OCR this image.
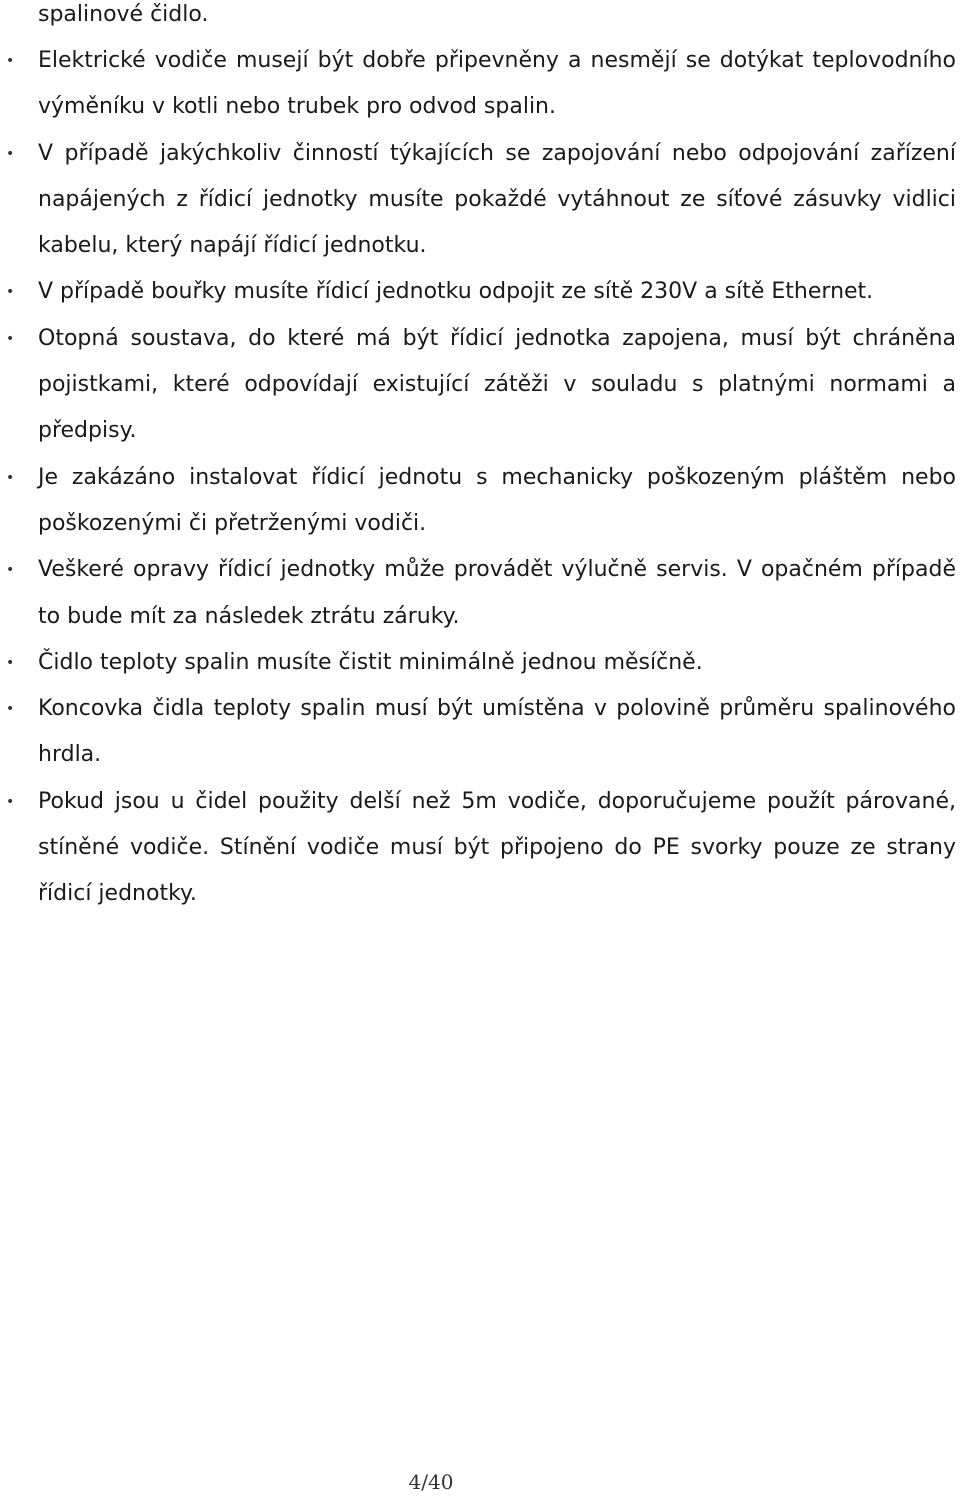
spalinové čidlo.

• Elektrické vodiče musejí být dobře připevněny a nesmějí se dotýkat teplovodního výměníku v kotli nebo trubek pro odvod spalin.
• V případě jakýchkoliv činností týkajících se zapojování nebo odpojování zařízení napájených z řídicí jednotky musíte pokaždé vytáhnout ze síťové zásuvky vidlici kabelu, který napájí řídicí jednotku.
• V případě bouřky musíte řídicí jednotku odpojit ze sítě 230V a sítě Ethernet.
• Otopná soustava, do které má být řídicí jednotka zapojena, musí být chráněna pojistkami, které odpovídají existující zátěži v souladu s platnými normami a předpisy.
• Je zakázáno instalovat řídicí jednotu s mechanicky poškozeným pláštěm nebo poškozenými či přetrženými vodiči.
• Veškeré opravy řídicí jednotky může provádět výlučně servis. V opačném případě to bude mít za následek ztrátu záruky.
• Čidlo teploty spalin musíte čistit minimálně jednou měsíčně.
• Koncovka čidla teploty spalin musí být umístěna v polovině průměru spalinového hrdla.
• Pokud jsou u čidel použity delší než 5m vodiče, doporučujeme použít párované, stíněné vodiče. Stínění vodiče musí být připojeno do PE svorky pouze ze strany řídicí jednotky.
4/40
